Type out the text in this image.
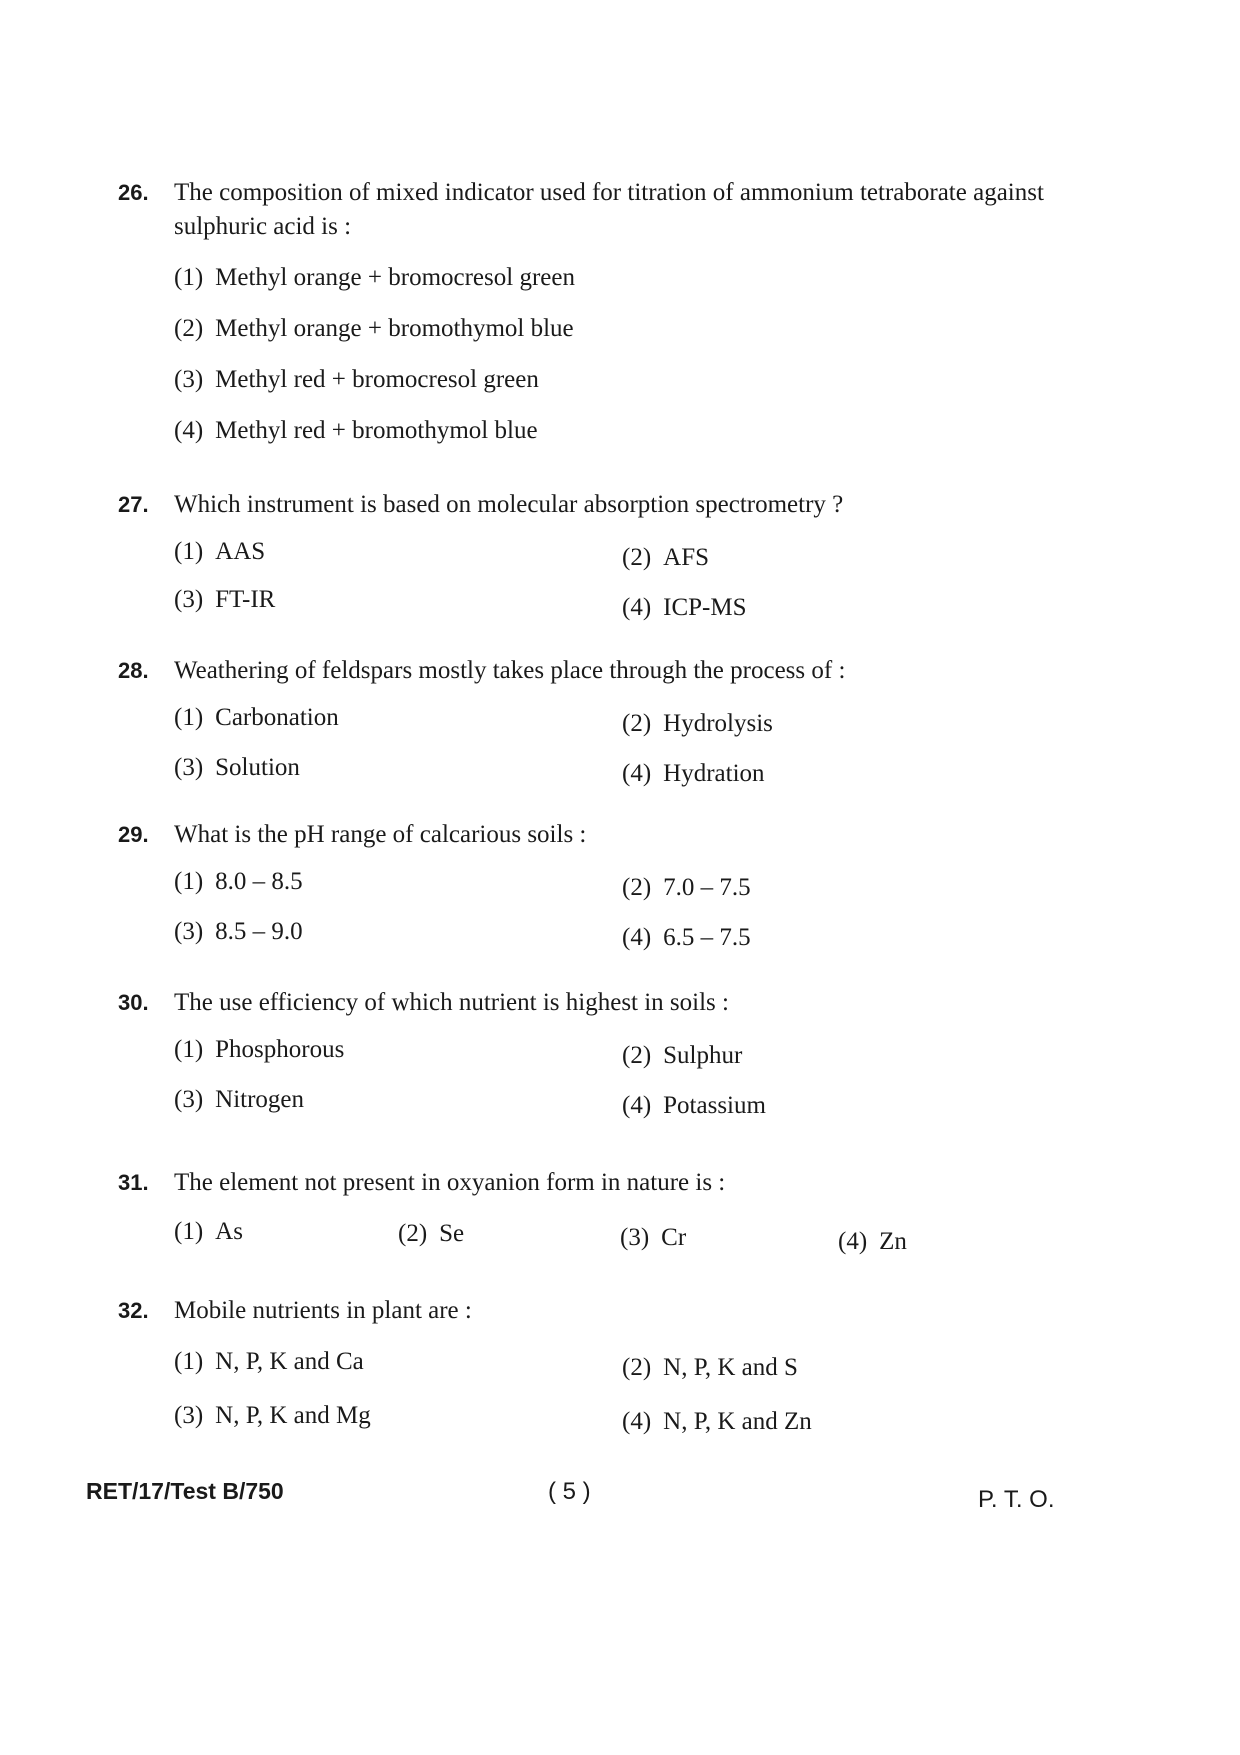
26. The composition of mixed indicator used for titration of ammonium tetraborate against sulphuric acid is :
(1) Methyl orange + bromocresol green
(2) Methyl orange + bromothymol blue
(3) Methyl red + bromocresol green
(4) Methyl red + bromothymol blue
27. Which instrument is based on molecular absorption spectrometry ?
(1) AAS	(2) AFS
(3) FT-IR	(4) ICP-MS
28. Weathering of feldspars mostly takes place through the process of :
(1) Carbonation	(2) Hydrolysis
(3) Solution	(4) Hydration
29. What is the pH range of calcarious soils :
(1) 8.0 – 8.5	(2) 7.0 – 7.5
(3) 8.5 – 9.0	(4) 6.5 – 7.5
30. The use efficiency of which nutrient is highest in soils :
(1) Phosphorous	(2) Sulphur
(3) Nitrogen	(4) Potassium
31. The element not present in oxyanion form in nature is :
(1) As	(2) Se	(3) Cr	(4) Zn
32. Mobile nutrients in plant are :
(1) N, P, K and Ca	(2) N, P, K and S
(3) N, P, K and Mg	(4) N, P, K and Zn
RET/17/Test B/750	( 5 )	P. T. O.
